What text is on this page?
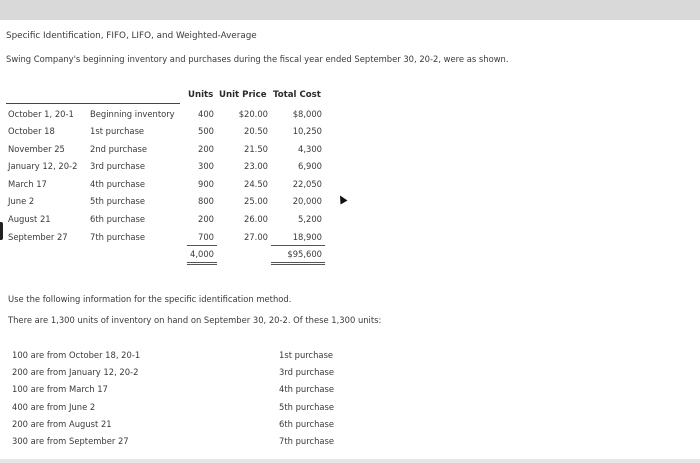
Specific Identification, FIFO, LIFO, and Weighted-Average
Swing Company's beginning inventory and purchases during the fiscal year ended September 30, 20-2, were as shown.
Units Unit Price Total Cost
October 1, 20-1 Beginning inventory	400	$20.00	$8,000
October 18	1st purchase	500	20.50	10,250
November 25	2nd purchase	200	21.50	4,300
January 12, 20-2 3rd purchase	300	23.00	6,900
March 17	4th purchase	900	24.50	22,050
June 2	5th purchase	800	25.00	20,000
August 21	6th purchase	200	26.00	5,200
September 27	7th purchase	700	27.00	18,900
4,000	$95,600
Use the following information for the specific identification method.
There are 1,300 units of inventory on hand on September 30, 20-2. Of these 1,300 units:
100 are from October 18, 20-1	1st purchase
200 are from January 12, 20-2	3rd purchase
100 are from March 17	4th purchase
400 are from June 2	5th purchase
200 are from August 21	6th purchase
300 are from September 27	7th purchase
